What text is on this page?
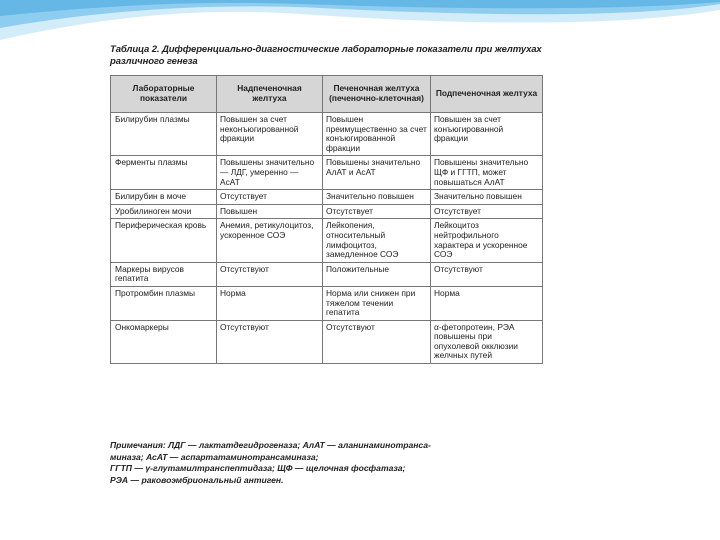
Таблица 2. Дифференциально-диагностические лабораторные показатели при желтухах различного генеза
Лабораторные показатели	Надпеченочная желтуха	Печеночная желтуха (печеночно-клеточная)	Подпеченочная желтуха
Билирубин плазмы	Повышен за счет неконъюгированной фракции	Повышен преимущественно за счет конъюгированной фракции	Повышен за счет конъюгированной фракции
Ферменты плазмы	Повышены значительно — ЛДГ, умеренно — АсАТ	Повышены значительно АлАТ и АсАТ	Повышены значительно ЩФ и ГГТП, может повышаться АлАТ
Билирубин в моче	Отсутствует	Значительно повышен	Значительно повышен
Уробилиноген мочи	Повышен	Отсутствует	Отсутствует
Периферическая кровь	Анемия, ретикулоцитоз, ускоренное СОЭ	Лейкопения, относительный лимфоцитоз, замедленное СОЭ	Лейкоцитоз нейтрофильного характера и ускоренное СОЭ
Маркеры вирусов гепатита	Отсутствуют	Положительные	Отсутствуют
Протромбин плазмы	Норма	Норма или снижен при тяжелом течении гепатита	Норма
Онкомаркеры	Отсутствуют	Отсутствуют	α-фетопротеин, РЭА повышены при опухолевой окклюзии желчных путей
Примечания: ЛДГ — лактатдегидрогеназа; АлАТ — аланинаминотранса-
миназа; АсАТ — аспартатаминотрансаминаза;
ГГТП — γ-глутамилтранспептидаза; ЩФ — щелочная фосфатаза;
РЭА — раковоэмбриональный антиген.
